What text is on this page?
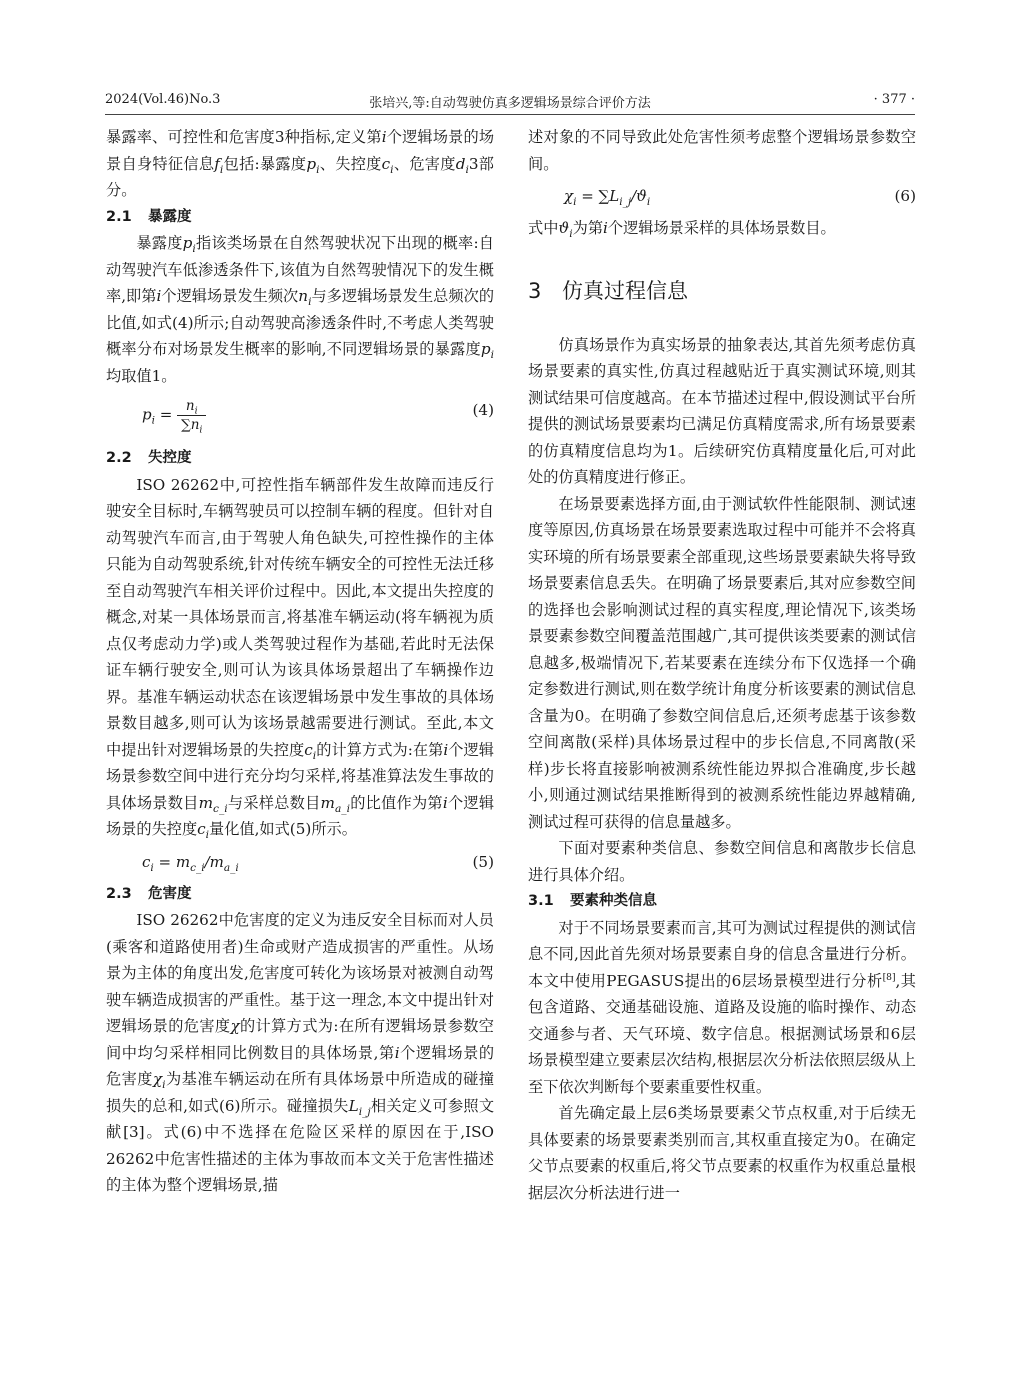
2024(Vol.46)No.3	张培兴,等:自动驾驶仿真多逻辑场景综合评价方法	· 377 ·

暴露率、可控性和危害度3种指标,定义第i个逻辑场景的场景自身特征信息$f_i$包括:暴露度$p_i$、失控度$c_i$、危害度$d_i3$部分。

2.1 暴露度

暴露度$p_i$指该类场景在自然驾驶状况下出现的概率:自动驾驶汽车低渗透条件下,该值为自然驾驶情况下的发生概率,即第i个逻辑场景发生频次$n_i$与多逻辑场景发生总频次的比值,如式(4)所示;自动驾驶高渗透条件时,不考虑人类驾驶概率分布对场景发生概率的影响,不同逻辑场景的暴露度$p_i$均取值1。

$p_i = \frac{n_i}{\sum n_i}$	(4)
2.2 失控度

ISO 26262中,可控性指车辆部件发生故障而违反行驶安全目标时,车辆驾驶员可以控制车辆的程度。但针对自动驾驶汽车而言,由于驾驶人角色缺失,可控性操作的主体只能为自动驾驶系统,针对传统车辆安全的可控性无法迁移至自动驾驶汽车相关评价过程中。因此,本文提出失控度的概念,对某一具体场景而言,将基准车辆运动(将车辆视为质点仅考虑动力学)或人类驾驶过程作为基础,若此时无法保证车辆行驶安全,则可认为该具体场景超出了车辆操作边界。基准车辆运动状态在该逻辑场景中发生事故的具体场景数目越多,则可认为该场景越需要进行测试。至此,本文中提出针对逻辑场景的失控度$c_i$的计算方式为:在第i个逻辑场景参数空间中进行充分均匀采样,将基准算法发生事故的具体场景数目$m_{c\_i}$与采样总数目$m_{a\_i}$的比值作为第i个逻辑场景的失控度$c_i$量化值,如式(5)所示。

$c_i = m_{c\_i}/m_{a\_i}$	(5)
2.3 危害度

ISO 26262中危害度的定义为违反安全目标而对人员(乘客和道路使用者)生命或财产造成损害的严重性。从场景为主体的角度出发,危害度可转化为该场景对被测自动驾驶车辆造成损害的严重性。基于这一理念,本文中提出针对逻辑场景的危害度χ的计算方式为:在所有逻辑场景参数空间中均匀采样相同比例数目的具体场景,第i个逻辑场景的危害度$\chi_i$为基准车辆运动在所有具体场景中所造成的碰撞损失的总和,如式(6)所示。碰撞损失$L_{i\_j}$相关定义可参照文献[3]。式(6)中不选择在危险区采样的原因在于,ISO 26262中危害性描述的主体为事故而本文关于危害性描述的主体为整个逻辑场景,描

述对象的不同导致此处危害性须考虑整个逻辑场景参数空间。

$\chi_i = \sum L_{i\_j}/ϑ_i$	(6)

式中$ϑ_i$为第i个逻辑场景采样的具体场景数目。

3 仿真过程信息

仿真场景作为真实场景的抽象表达,其首先须考虑仿真场景要素的真实性,仿真过程越贴近于真实测试环境,则其测试结果可信度越高。在本节描述过程中,假设测试平台所提供的测试场景要素均已满足仿真精度需求,所有场景要素的仿真精度信息均为1。后续研究仿真精度量化后,可对此处的仿真精度进行修正。

在场景要素选择方面,由于测试软件性能限制、测试速度等原因,仿真场景在场景要素选取过程中可能并不会将真实环境的所有场景要素全部重现,这些场景要素缺失将导致场景要素信息丢失。在明确了场景要素后,其对应参数空间的选择也会影响测试过程的真实程度,理论情况下,该类场景要素参数空间覆盖范围越广,其可提供该类要素的测试信息越多,极端情况下,若某要素在连续分布下仅选择一个确定参数进行测试,则在数学统计角度分析该要素的测试信息含量为0。在明确了参数空间信息后,还须考虑基于该参数空间离散(采样)具体场景过程中的步长信息,不同离散(采样)步长将直接影响被测系统性能边界拟合准确度,步长越小,则通过测试结果推断得到的被测系统性能边界越精确,测试过程可获得的信息量越多。

下面对要素种类信息、参数空间信息和离散步长信息进行具体介绍。

3.1 要素种类信息

对于不同场景要素而言,其可为测试过程提供的测试信息不同,因此首先须对场景要素自身的信息含量进行分析。本文中使用PEGASUS提出的6层场景模型进行分析[8],其包含道路、交通基础设施、道路及设施的临时操作、动态交通参与者、天气环境、数字信息。根据测试场景和6层场景模型建立要素层次结构,根据层次分析法依照层级从上至下依次判断每个要素重要性权重。

首先确定最上层6类场景要素父节点权重,对于后续无具体要素的场景要素类别而言,其权重直接定为0。在确定父节点要素的权重后,将父节点要素的权重作为权重总量根据层次分析法进行进一
